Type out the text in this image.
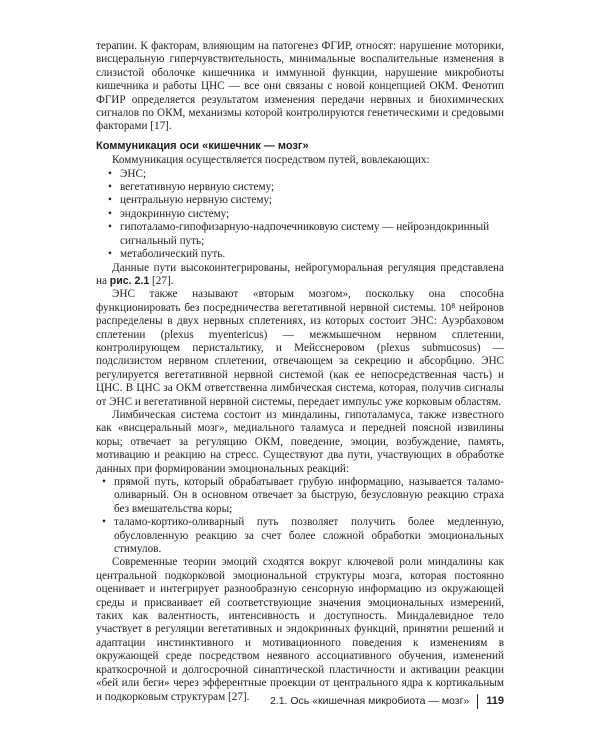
терапии. К факторам, влияющим на патогенез ФГИР, относят: нарушение моторики, висцеральную гиперчувствительность, минимальные воспалительные изменения в слизистой оболочке кишечника и иммунной функции, нарушение микробиоты кишечника и работы ЦНС — все они связаны с новой концепцией ОКМ. Фенотип ФГИР определяется результатом изменения передачи нервных и биохимических сигналов по ОКМ, механизмы которой контролируются генетическими и средовыми факторами [17].

Коммуникация оси «кишечник — мозг»

Коммуникация осуществляется посредством путей, вовлекающих:

• ЭНС;
• вегетативную нервную систему;
• центральную нервную систему;
• эндокринную систему;
• гипоталамо-гипофизарную-надпочечниковую систему — нейроэндокринный сигнальный путь;
• метаболический путь.

Данные пути высокоинтегрированы, нейрогуморальная регуляция представлена на рис. 2.1 [27].

ЭНС также называют «вторым мозгом», поскольку она способна функционировать без посредничества вегетативной нервной системы. 10⁸ нейронов распределены в двух нервных сплетениях, из которых состоит ЭНС: Ауэрбаховом сплетении (plexus myentericus) — межмышечном нервном сплетении, контролирующем перистальтику, и Мейсснеровом (plexus submucosus) — подслизистом нервном сплетении, отвечающем за секрецию и абсорбцию. ЭНС регулируется вегетативной нервной системой (как ее непосредственная часть) и ЦНС. В ЦНС за ОКМ ответственна лимбическая система, которая, получив сигналы от ЭНС и вегетативной нервной системы, передает импульс уже корковым областям.

Лимбическая система состоит из миндалины, гипоталамуса, также известного как «висцеральный мозг», медиального таламуса и передней поясной извилины коры; отвечает за регуляцию ОКМ, поведение, эмоции, возбуждение, память, мотивацию и реакцию на стресс. Существуют два пути, участвующих в обработке данных при формировании эмоциональных реакций:

• прямой путь, который обрабатывает грубую информацию, называется таламо-оливарный. Он в основном отвечает за быструю, безусловную реакцию страха без вмешательства коры;
• таламо-кортико-оливарный путь позволяет получить более медленную, обусловленную реакцию за счет более сложной обработки эмоциональных стимулов.

Современные теории эмоций сходятся вокруг ключевой роли миндалины как центральной подкорковой эмоциональной структуры мозга, которая постоянно оценивает и интегрирует разнообразную сенсорную информацию из окружающей среды и присваивает ей соответствующие значения эмоциональных измерений, таких как валентность, интенсивность и доступность. Миндалевидное тело участвует в регуляции вегетативных и эндокринных функций, принятии решений и адаптации инстинктивного и мотивационного поведения к изменениям в окружающей среде посредством неявного ассоциативного обучения, изменений краткосрочной и долгосрочной синаптической пластичности и активации реакции «бей или беги» через эфферентные проекции от центрального ядра к кортикальным и подкорковым структурам [27].	2.1. Ось «кишечная микробиота — мозг» 119
